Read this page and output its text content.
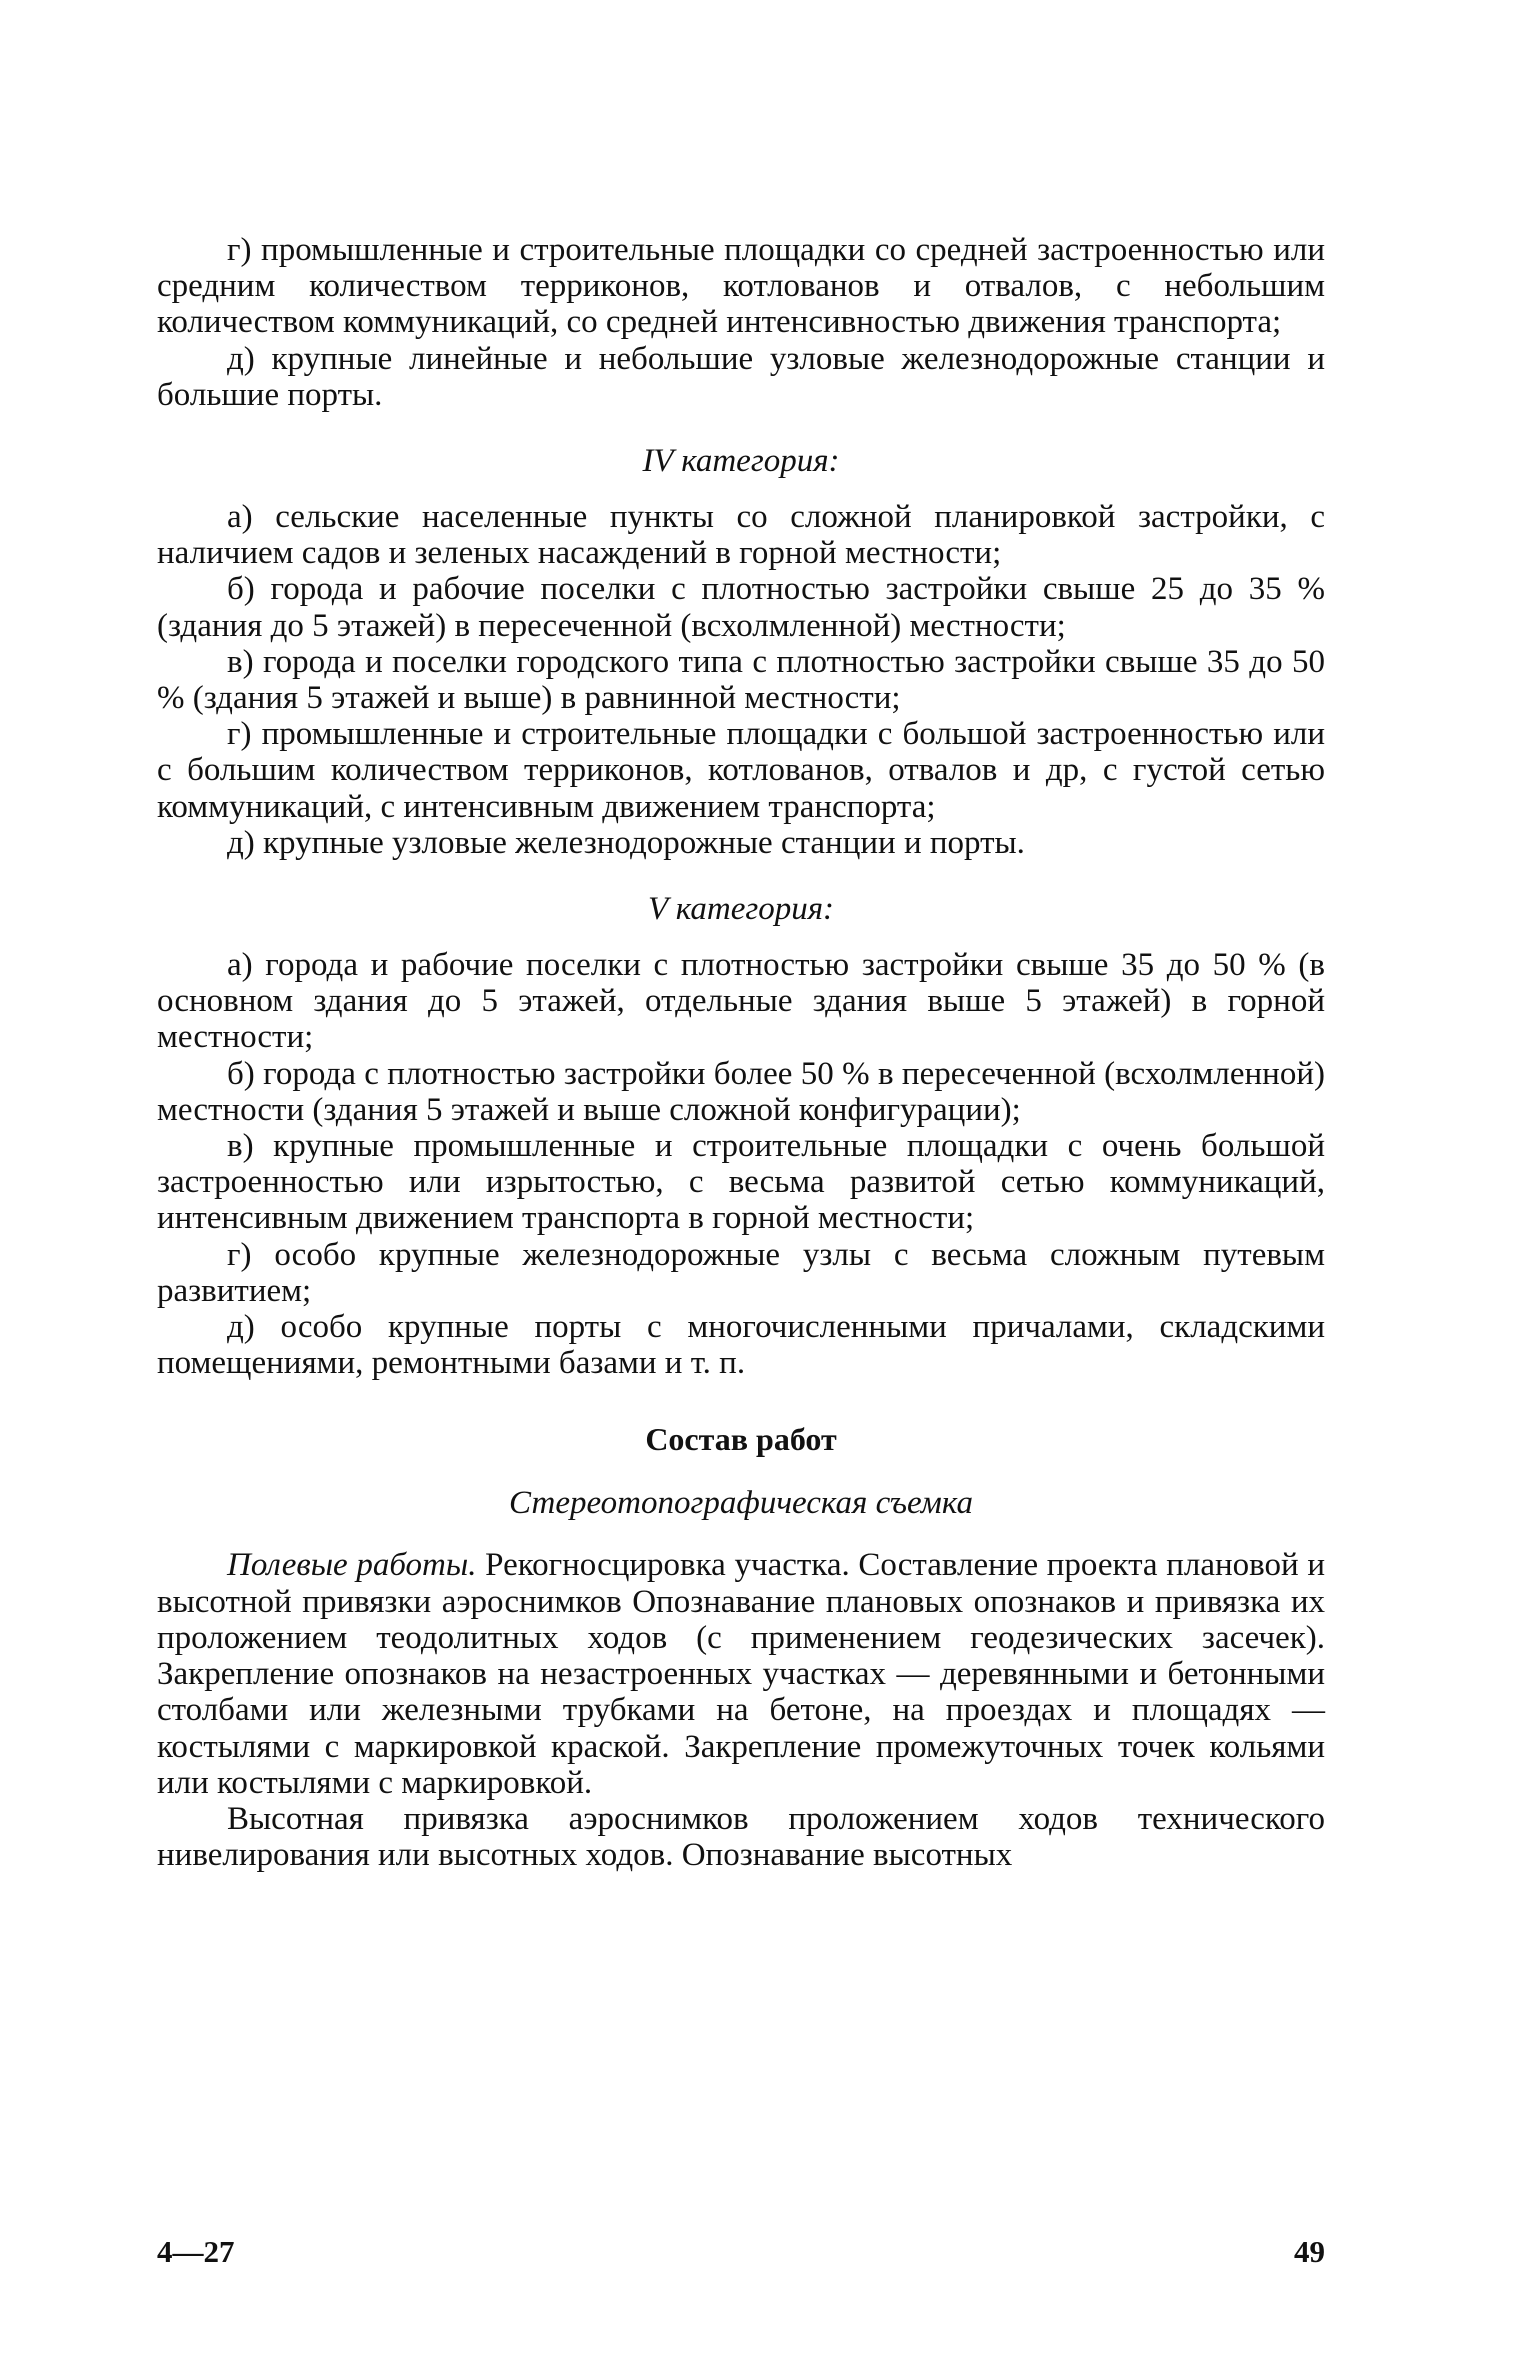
г) промышленные и строительные площадки со средней застроенностью или средним количеством терриконов, котлованов и отвалов, с небольшим количеством коммуникаций, со средней интенсивностью движения транспорта;

д) крупные линейные и небольшие узловые железнодорожные станции и большие порты.

IV категория:

а) сельские населенные пункты со сложной планировкой застройки, с наличием садов и зеленых насаждений в горной местности;

б) города и рабочие поселки с плотностью застройки свыше 25 до 35 % (здания до 5 этажей) в пересеченной (всхолмленной) местности;

в) города и поселки городского типа с плотностью застройки свыше 35 до 50 % (здания 5 этажей и выше) в равнинной местности;

г) промышленные и строительные площадки с большой застроенностью или с большим количеством терриконов, котлованов, отвалов и др, с густой сетью коммуникаций, с интенсивным движением транспорта;

д) крупные узловые железнодорожные станции и порты.

V категория:

а) города и рабочие поселки с плотностью застройки свыше 35 до 50 % (в основном здания до 5 этажей, отдельные здания выше 5 этажей) в горной местности;

б) города с плотностью застройки более 50 % в пересеченной (всхолмленной) местности (здания 5 этажей и выше сложной конфигурации);

в) крупные промышленные и строительные площадки с очень большой застроенностью или изрытостью, с весьма развитой сетью коммуникаций, интенсивным движением транспорта в горной местности;

г) особо крупные железнодорожные узлы с весьма сложным путевым развитием;

д) особо крупные порты с многочисленными причалами, складскими помещениями, ремонтными базами и т. п.

Состав работ
Стереотопографическая съемка

Полевые работы. Рекогносцировка участка. Составление проекта плановой и высотной привязки аэроснимков Опознавание плановых опознаков и привязка их проложением теодолитных ходов (с применением геодезических засечек). Закрепление опознаков на незастроенных участках — деревянными и бетонными столбами или железными трубками на бетоне, на проездах и площадях — костылями с маркировкой краской. Закрепление промежуточных точек кольями или костылями с маркировкой.

Высотная привязка аэроснимков проложением ходов технического нивелирования или высотных ходов. Опознавание высотных

4—27	49
